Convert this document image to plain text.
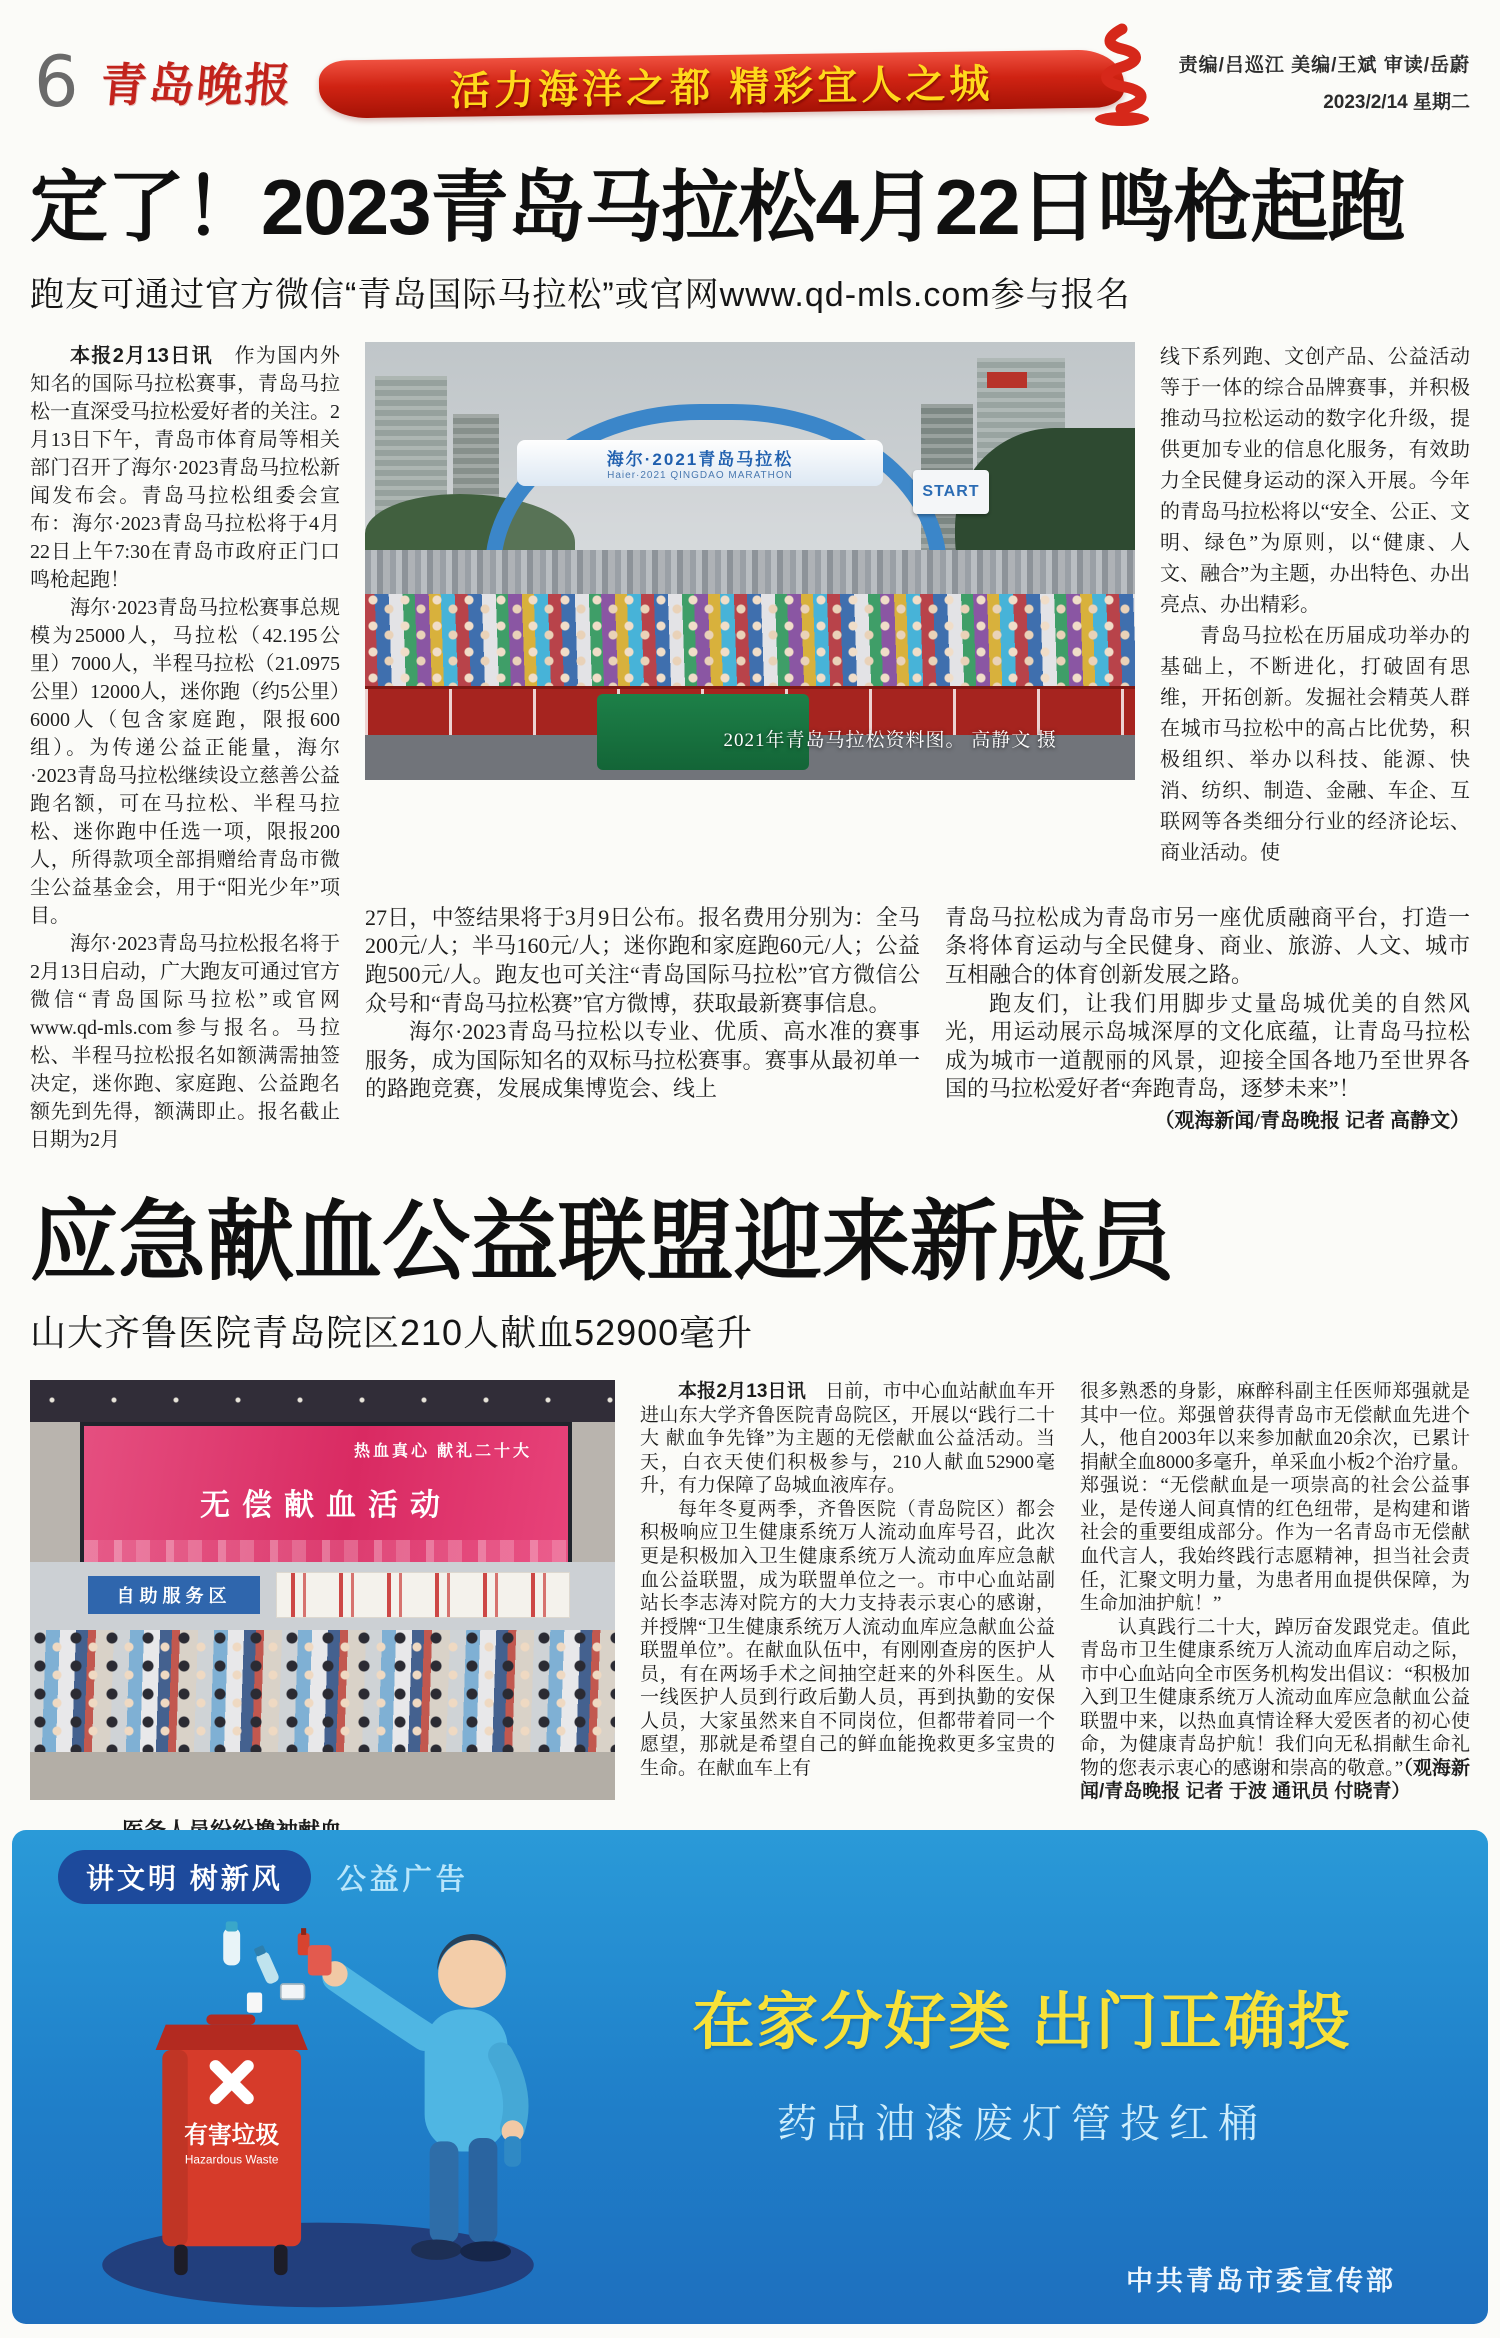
6 青岛晚报	活力海洋之都 精彩宜人之城	责编/吕巡江 美编/王斌 审读/岳蔚
2023/2/14 星期二
定了！2023青岛马拉松4月22日鸣枪起跑
跑友可通过官方微信“青岛国际马拉松”或官网www.qd-mls.com参与报名

本报2月13日讯　 作为国内外知名的国际马拉松赛事，青岛马拉松一直深受马拉松爱好者的关注。2月13日下午，青岛市体育局等相关部门召开了海尔·2023青岛马拉松新闻发布会。青岛马拉松组委会宣布：海尔·2023青岛马拉松将于4月22日上午7:30在青岛市政府正门口鸣枪起跑！

海尔·2023青岛马拉松赛事总规模为25000人，马拉松（42.195公里）7000人，半程马拉松（21.0975公里）12000人，迷你跑（约5公里）6000人（包含家庭跑，限报600组）。为传递公益正能量，海尔·2023青岛马拉松继续设立慈善公益跑名额，可在马拉松、半程马拉松、迷你跑中任选一项，限报200人，所得款项全部捐赠给青岛市微尘公益基金会，用于“阳光少年”项目。

海尔·2023青岛马拉松报名将于2月13日启动，广大跑友可通过官方微信“青岛国际马拉松”或官网www.qd-mls.com参与报名。马拉松、半程马拉松报名如额满需抽签决定，迷你跑、家庭跑、公益跑名额先到先得，额满即止。报名截止日期为2月

海尔·2021青岛马拉松
Haier·2021 QINGDAO MARATHON
START
2021年青岛马拉松资料图。 高静文 摄

线下系列跑、文创产品、公益活动等于一体的综合品牌赛事，并积极推动马拉松运动的数字化升级，提供更加专业的信息化服务，有效助力全民健身运动的深入开展。今年的青岛马拉松将以“安全、公正、文明、绿色”为原则，以“健康、人文、融合”为主题，办出特色、办出亮点、办出精彩。

青岛马拉松在历届成功举办的基础上，不断进化，打破固有思维，开拓创新。发掘社会精英人群在城市马拉松中的高占比优势，积极组织、举办以科技、能源、快消、纺织、制造、金融、车企、互联网等各类细分行业的经济论坛、商业活动。使

27日，中签结果将于3月9日公布。报名费用分别为：全马200元/人；半马160元/人；迷你跑和家庭跑60元/人；公益跑500元/人。跑友也可关注“青岛国际马拉松”官方微信公众号和“青岛马拉松赛”官方微博，获取最新赛事信息。

海尔·2023青岛马拉松以专业、优质、高水准的赛事服务，成为国际知名的双标马拉松赛事。赛事从最初单一的路跑竞赛，发展成集博览会、线上

青岛马拉松成为青岛市另一座优质融商平台，打造一条将体育运动与全民健身、商业、旅游、人文、城市互相融合的体育创新发展之路。

跑友们，让我们用脚步丈量岛城优美的自然风光，用运动展示岛城深厚的文化底蕴，让青岛马拉松成为城市一道靓丽的风景，迎接全国各地乃至世界各国的马拉松爱好者“奔跑青岛，逐梦未来”！

（观海新闻/青岛晚报 记者 高静文）

应急献血公益联盟迎来新成员
山大齐鲁医院青岛院区210人献血52900毫升
热血真心 献礼二十大
无偿献血活动
自助服务区

本报2月13日讯　 日前，市中心血站献血车开进山东大学齐鲁医院青岛院区，开展以“践行二十大 献血争先锋”为主题的无偿献血公益活动。当天，白衣天使们积极参与，210人献血52900毫升，有力保障了岛城血液库存。

每年冬夏两季，齐鲁医院（青岛院区）都会积极响应卫生健康系统万人流动血库号召，此次更是积极加入卫生健康系统万人流动血库应急献血公益联盟，成为联盟单位之一。市中心血站副站长李志涛对院方的大力支持表示衷心的感谢，并授牌“卫生健康系统万人流动血库应急献血公益联盟单位”。在献血队伍中，有刚刚查房的医护人员，有在两场手术之间抽空赶来的外科医生。从一线医护人员到行政后勤人员，再到执勤的安保人员，大家虽然来自不同岗位，但都带着同一个愿望，那就是希望自己的鲜血能挽救更多宝贵的生命。在献血车上有

很多熟悉的身影，麻醉科副主任医师郑强就是其中一位。郑强曾获得青岛市无偿献血先进个人，他自2003年以来参加献血20余次，已累计捐献全血8000多毫升，单采血小板2个治疗量。郑强说：“无偿献血是一项崇高的社会公益事业，是传递人间真情的红色纽带，是构建和谐社会的重要组成部分。作为一名青岛市无偿献血代言人，我始终践行志愿精神，担当社会责任，汇聚文明力量，为患者用血提供保障，为生命加油护航！”

认真践行二十大，踔厉奋发跟党走。值此青岛市卫生健康系统万人流动血库启动之际，市中心血站向全市医务机构发出倡议：“积极加入到卫生健康系统万人流动血库应急献血公益联盟中来，以热血真情诠释大爱医者的初心使命，为健康青岛护航！我们向无私捐献生命礼物的您表示衷心的感谢和崇高的敬意。”（观海新闻/青岛晚报 记者 于波 通讯员 付晓青）

讲文明 树新风	公益广告
有害垃圾
Hazardous Waste
在家分好类 出门正确投
药品油漆废灯管投红桶
中共青岛市委宣传部
